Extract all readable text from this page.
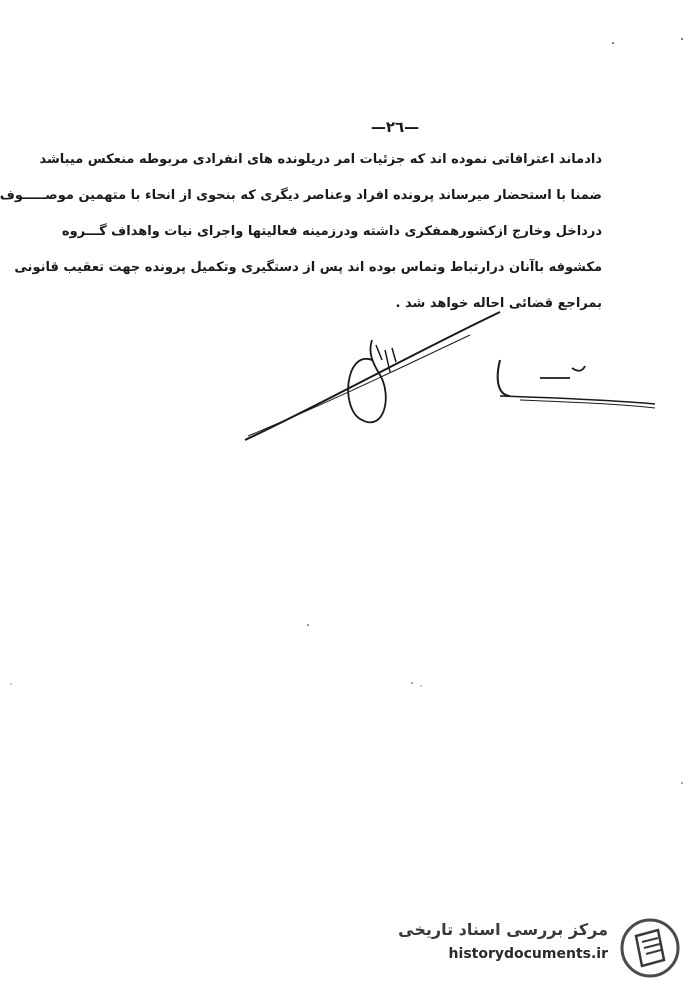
—٢٦—
دادماند اعترافاتی نموده اند که جزئیات امر دریلونده های انفرادی مربوطه منعکس میباشد
ضمنا با استحضار میرساند پرونده افراد وعناصر دیگری که بنحوی از انحاء با متهمین موصـــــوف
درداخل وخارج ازکشورهمفکری داشته ودرزمینه فعالیتها واجرای نیات واهداف گـــروه
مکشوفه باآنان درارتباط وتماس بوده اند پس از دستگیری وتکمیل پرونده جهت تعقیب قانونی
بمراجع قضائی احاله خواهد شد .
مرکز بررسی اسناد تاریخی
historydocuments.ir
